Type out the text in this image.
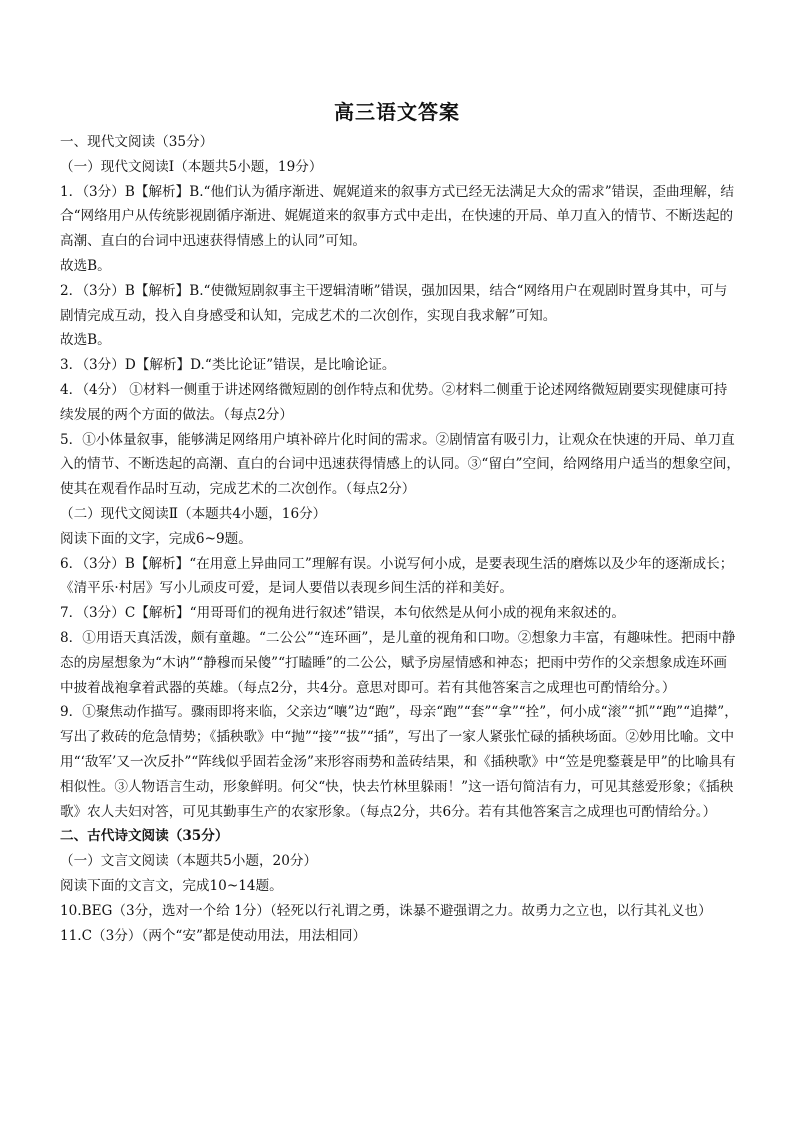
高三语文答案

一、现代文阅读（35分）

（一）现代文阅读Ⅰ（本题共5小题，19分）

1．（3分）B【解析】B.“他们认为循序渐进、娓娓道来的叙事方式已经无法满足大众的需求”错误，歪曲理解，结合“网络用户从传统影视剧循序渐进、娓娓道来的叙事方式中走出，在快速的开局、单刀直入的情节、不断迭起的高潮、直白的台词中迅速获得情感上的认同”可知。

故选B。

2．（3分）B【解析】B.“使微短剧叙事主干逻辑清晰”错误，强加因果，结合“网络用户在观剧时置身其中，可与剧情完成互动，投入自身感受和认知，完成艺术的二次创作，实现自我求解”可知。

故选B。

3．（3分）D【解析】D.“类比论证”错误，是比喻论证。

4．（4分） ①材料一侧重于讲述网络微短剧的创作特点和优势。②材料二侧重于论述网络微短剧要实现健康可持续发展的两个方面的做法。（每点2分）

5．①小体量叙事，能够满足网络用户填补碎片化时间的需求。②剧情富有吸引力，让观众在快速的开局、单刀直入的情节、不断迭起的高潮、直白的台词中迅速获得情感上的认同。③“留白”空间，给网络用户适当的想象空间，使其在观看作品时互动，完成艺术的二次创作。（每点2分）

（二）现代文阅读Ⅱ（本题共4小题，16分）

阅读下面的文字，完成6~9题。

6．（3分）B【解析】“在用意上异曲同工”理解有误。小说写何小成，是要表现生活的磨炼以及少年的逐渐成长；《清平乐·村居》写小儿顽皮可爱，是词人要借以表现乡间生活的祥和美好。

7．（3分）C【解析】“用哥哥们的视角进行叙述”错误，本句依然是从何小成的视角来叙述的。

8．①用语天真活泼，颇有童趣。“二公公”“连环画”，是儿童的视角和口吻。②想象力丰富，有趣味性。把雨中静态的房屋想象为“木讷”“静穆而呆傻”“打瞌睡”的二公公，赋予房屋情感和神态；把雨中劳作的父亲想象成连环画中披着战袍拿着武器的英雄。（每点2分，共4分。意思对即可。若有其他答案言之成理也可酌情给分。）

9．①聚焦动作描写。骤雨即将来临，父亲边“嚷”边“跑”，母亲“跑”“套”“拿”“拴”，何小成“滚”“抓”“跑”“追撵”，写出了救砖的危急情势；《插秧歌》中“抛”“接”“拔”“插”，写出了一家人紧张忙碌的插秧场面。②妙用比喻。文中用“‘敌军’又一次反扑”“阵线似乎固若金汤”来形容雨势和盖砖结果，和《插秧歌》中“笠是兜鍪蓑是甲”的比喻具有相似性。③人物语言生动，形象鲜明。何父“快，快去竹林里躲雨！”这一语句简洁有力，可见其慈爱形象；《插秧歌》农人夫妇对答，可见其勤事生产的农家形象。（每点2分，共6分。若有其他答案言之成理也可酌情给分。）

二、古代诗文阅读（35分）

（一）文言文阅读（本题共5小题，20分）

阅读下面的文言文，完成10~14题。

10.BEG（3分，选对一个给 1分）（轻死以行礼谓之勇，诛暴不避强谓之力。故勇力之立也，以行其礼义也）

11.C（3分）（两个“安”都是使动用法，用法相同）
